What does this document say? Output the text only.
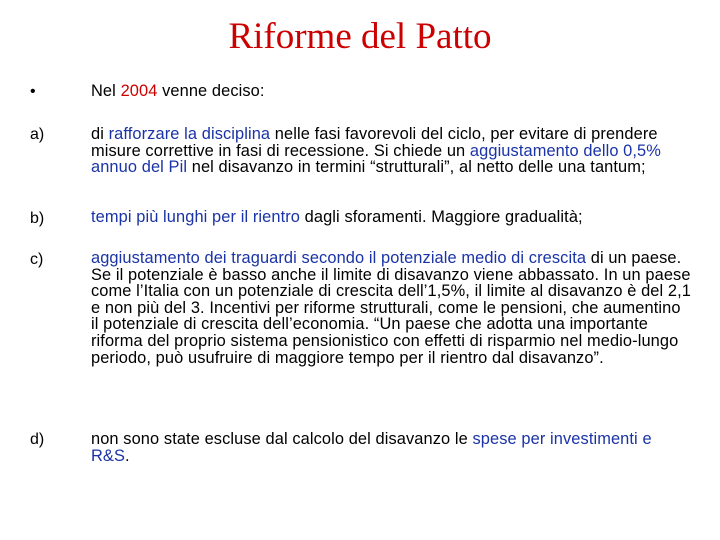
Riforme del Patto
•	Nel 2004 venne deciso:
a)	di rafforzare la disciplina nelle fasi favorevoli del ciclo, per evitare di prendere misure correttive in fasi di recessione. Si chiede un aggiustamento dello 0,5% annuo del Pil nel disavanzo in termini “strutturali”, al netto delle una tantum;
b)	tempi più lunghi per il rientro dagli sforamenti. Maggiore gradualità;
c)	aggiustamento dei traguardi secondo il potenziale medio di crescita di un paese. Se il potenziale è basso anche il limite di disavanzo viene abbassato. In un paese come l’Italia con un potenziale di crescita dell’1,5%, il limite al disavanzo è del 2,1 e non più del 3. Incentivi per riforme strutturali, come le pensioni, che aumentino il potenziale di crescita dell’economia. “Un paese che adotta una importante riforma del proprio sistema pensionistico con effetti di risparmio nel medio-lungo periodo, può usufruire di maggiore tempo per il rientro dal disavanzo”.
d)	non sono state escluse dal calcolo del disavanzo le spese per investimenti e R&S.
